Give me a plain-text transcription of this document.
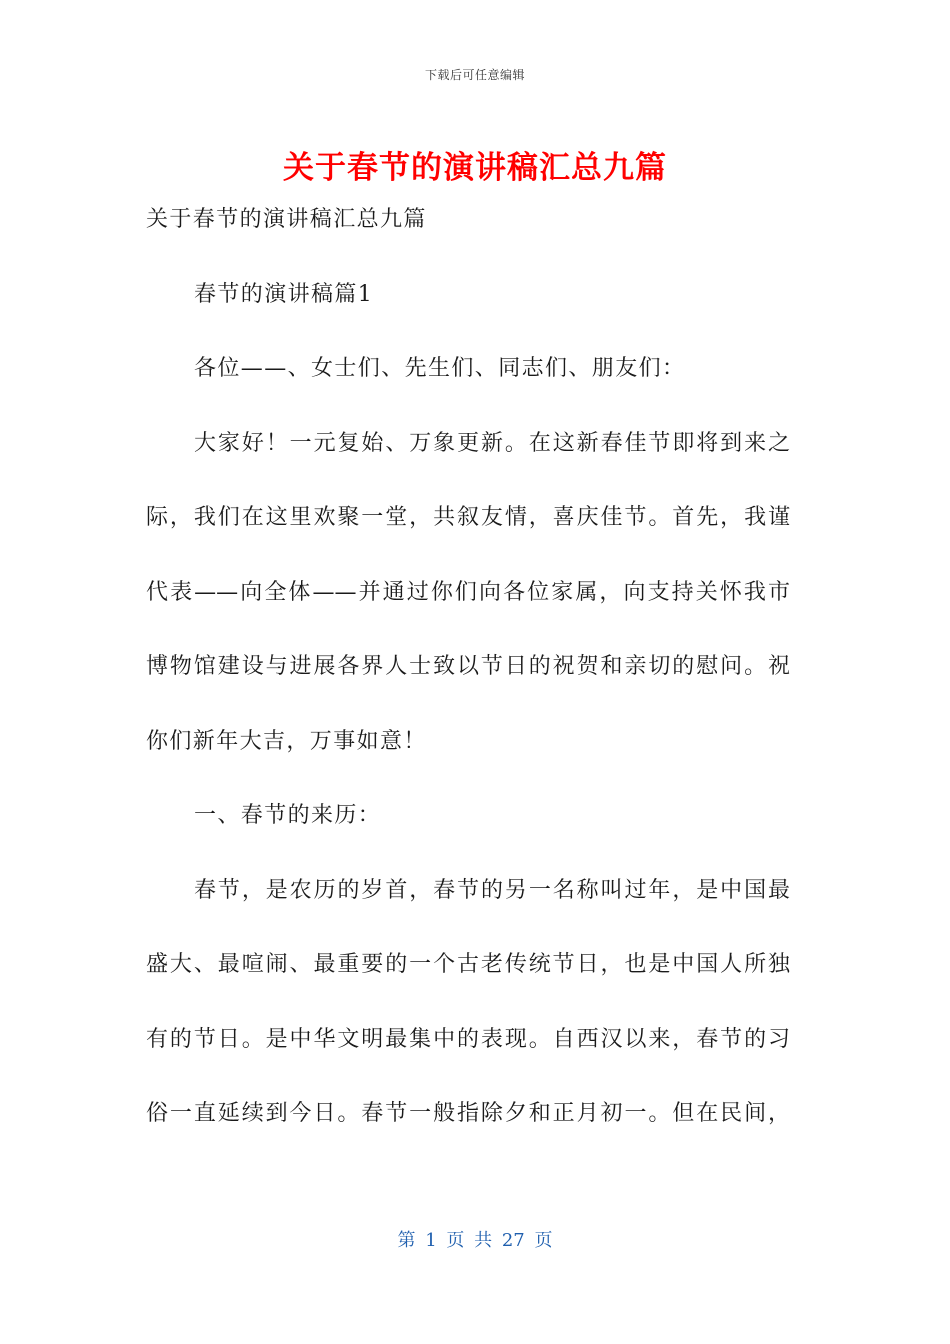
下载后可任意编辑
关于春节的演讲稿汇总九篇
关于春节的演讲稿汇总九篇
春节的演讲稿篇1
各位——、女士们、先生们、同志们、朋友们：
大家好！一元复始、万象更新。在这新春佳节即将到来之
际，我们在这里欢聚一堂，共叙友情，喜庆佳节。首先，我谨
代表——向全体——并通过你们向各位家属，向支持关怀我市
博物馆建设与进展各界人士致以节日的祝贺和亲切的慰问。祝
你们新年大吉，万事如意！
一、春节的来历：
春节，是农历的岁首，春节的另一名称叫过年，是中国最
盛大、最喧闹、最重要的一个古老传统节日，也是中国人所独
有的节日。是中华文明最集中的表现。自西汉以来，春节的习
俗一直延续到今日。春节一般指除夕和正月初一。但在民间，
第 1 页 共 27 页
